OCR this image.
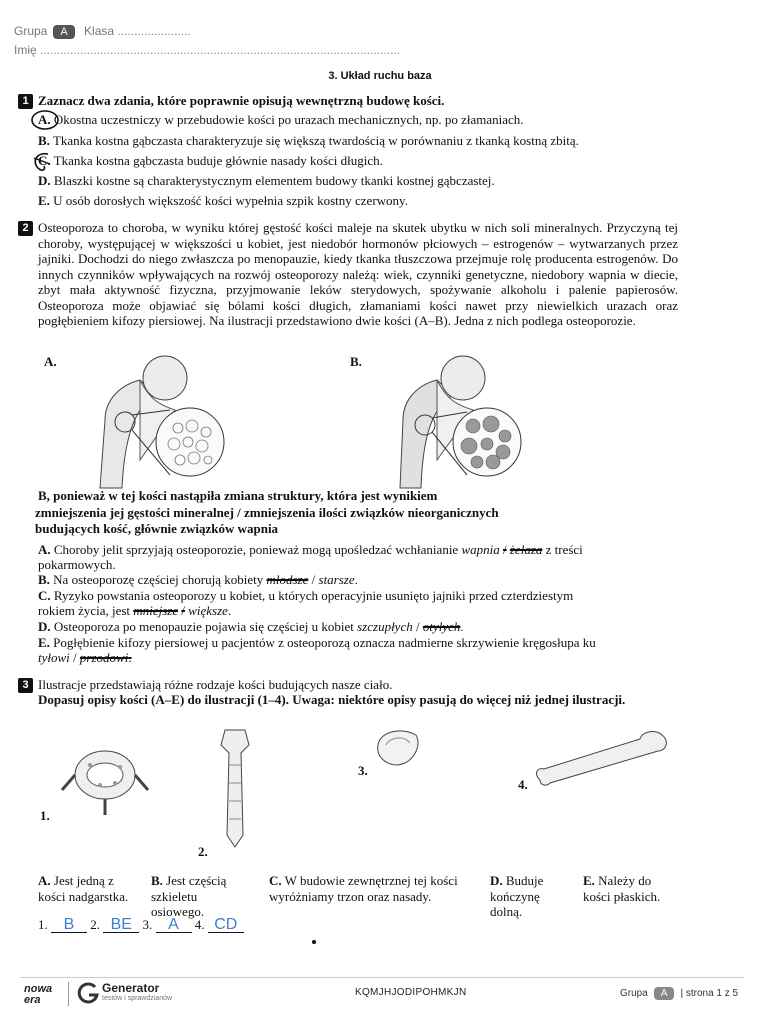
Grupa A Klasa ......................
Imię ............................................................................................................
3. Układ ruchu baza
1 Zaznacz dwa zdania, które poprawnie opisują wewnętrzną budowę kości.
A. Okostna uczestniczy w przebudowie kości po urazach mechanicznych, np. po złamaniach.
B. Tkanka kostna gąbczasta charakteryzuje się większą twardością w porównaniu z tkanką kostną zbitą.
C. Tkanka kostna gąbczasta buduje głównie nasady kości długich.
D. Blaszki kostne są charakterystycznym elementem budowy tkanki kostnej gąbczastej.
E. U osób dorosłych większość kości wypełnia szpik kostny czerwony.
2 Osteoporoza to choroba, w wyniku której gęstość kości maleje na skutek ubytku w nich soli mineralnych. Przyczyną tej choroby, występującej w większości u kobiet, jest niedobór hormonów płciowych – estrogenów – wytwarzanych przez jajniki. Dochodzi do niego zwłaszcza po menopauzie, kiedy tkanka tłuszczowa przejmuje rolę producenta estrogenów. Do innych czynników wpływających na rozwój osteoporozy należą: wiek, czynniki genetyczne, niedobory wapnia w diecie, zbyt mała aktywność fizyczna, przyjmowanie leków sterydowych, spożywanie alkoholu i palenie papierosów. Osteoporoza może objawiać się bólami kości długich, złamaniami kości nawet przy niewielkich urazach oraz pogłębieniem kifozy piersiowej. Na ilustracji przedstawiono dwie kości (A–B). Jedna z nich podlega osteoporozie.
A.	B.
B, ponieważ w tej kości nastąpiła zmiana struktury, która jest wynikiem
zmniejszenia jej gęstości mineralnej / zmniejszenia ilości związków nieorganicznych
budujących kość, głównie związków wapnia
A. Choroby jelit sprzyjają osteoporozie, ponieważ mogą upośledzać wchłanianie wapnia / żelaza z treści
pokarmowych.
B. Na osteoporozę częściej chorują kobiety młodsze / starsze.
C. Ryzyko powstania osteoporozy u kobiet, u których operacyjnie usunięto jajniki przed czterdziestym
rokiem życia, jest mniejsze / większe.
D. Osteoporoza po menopauzie pojawia się częściej u kobiet szczupłych / otyłych.
E. Pogłębienie kifozy piersiowej u pacjentów z osteoporozą oznacza nadmierne skrzywienie kręgosłupa ku
tyłowi / przodowi.
3 Ilustracje przedstawiają różne rodzaje kości budujących nasze ciało.
Dopasuj opisy kości (A–E) do ilustracji (1–4). Uwaga: niektóre opisy pasują do więcej niż jednej ilustracji.
1.
2.
3.
4.
A. Jest jedną z kości nadgarstka.
B. Jest częścią szkieletu osiowego.
C. W budowie zewnętrznej tej kości wyróżniamy trzon oraz nasady.
D. Buduje kończynę dolną.
E. Należy do kości płaskich.
1. B 2. BE 3. A 4. CD
nowa era
Generator
testów i sprawdzianów
KQMJHJODIPOHMKJN	Grupa A | strona 1 z 5
